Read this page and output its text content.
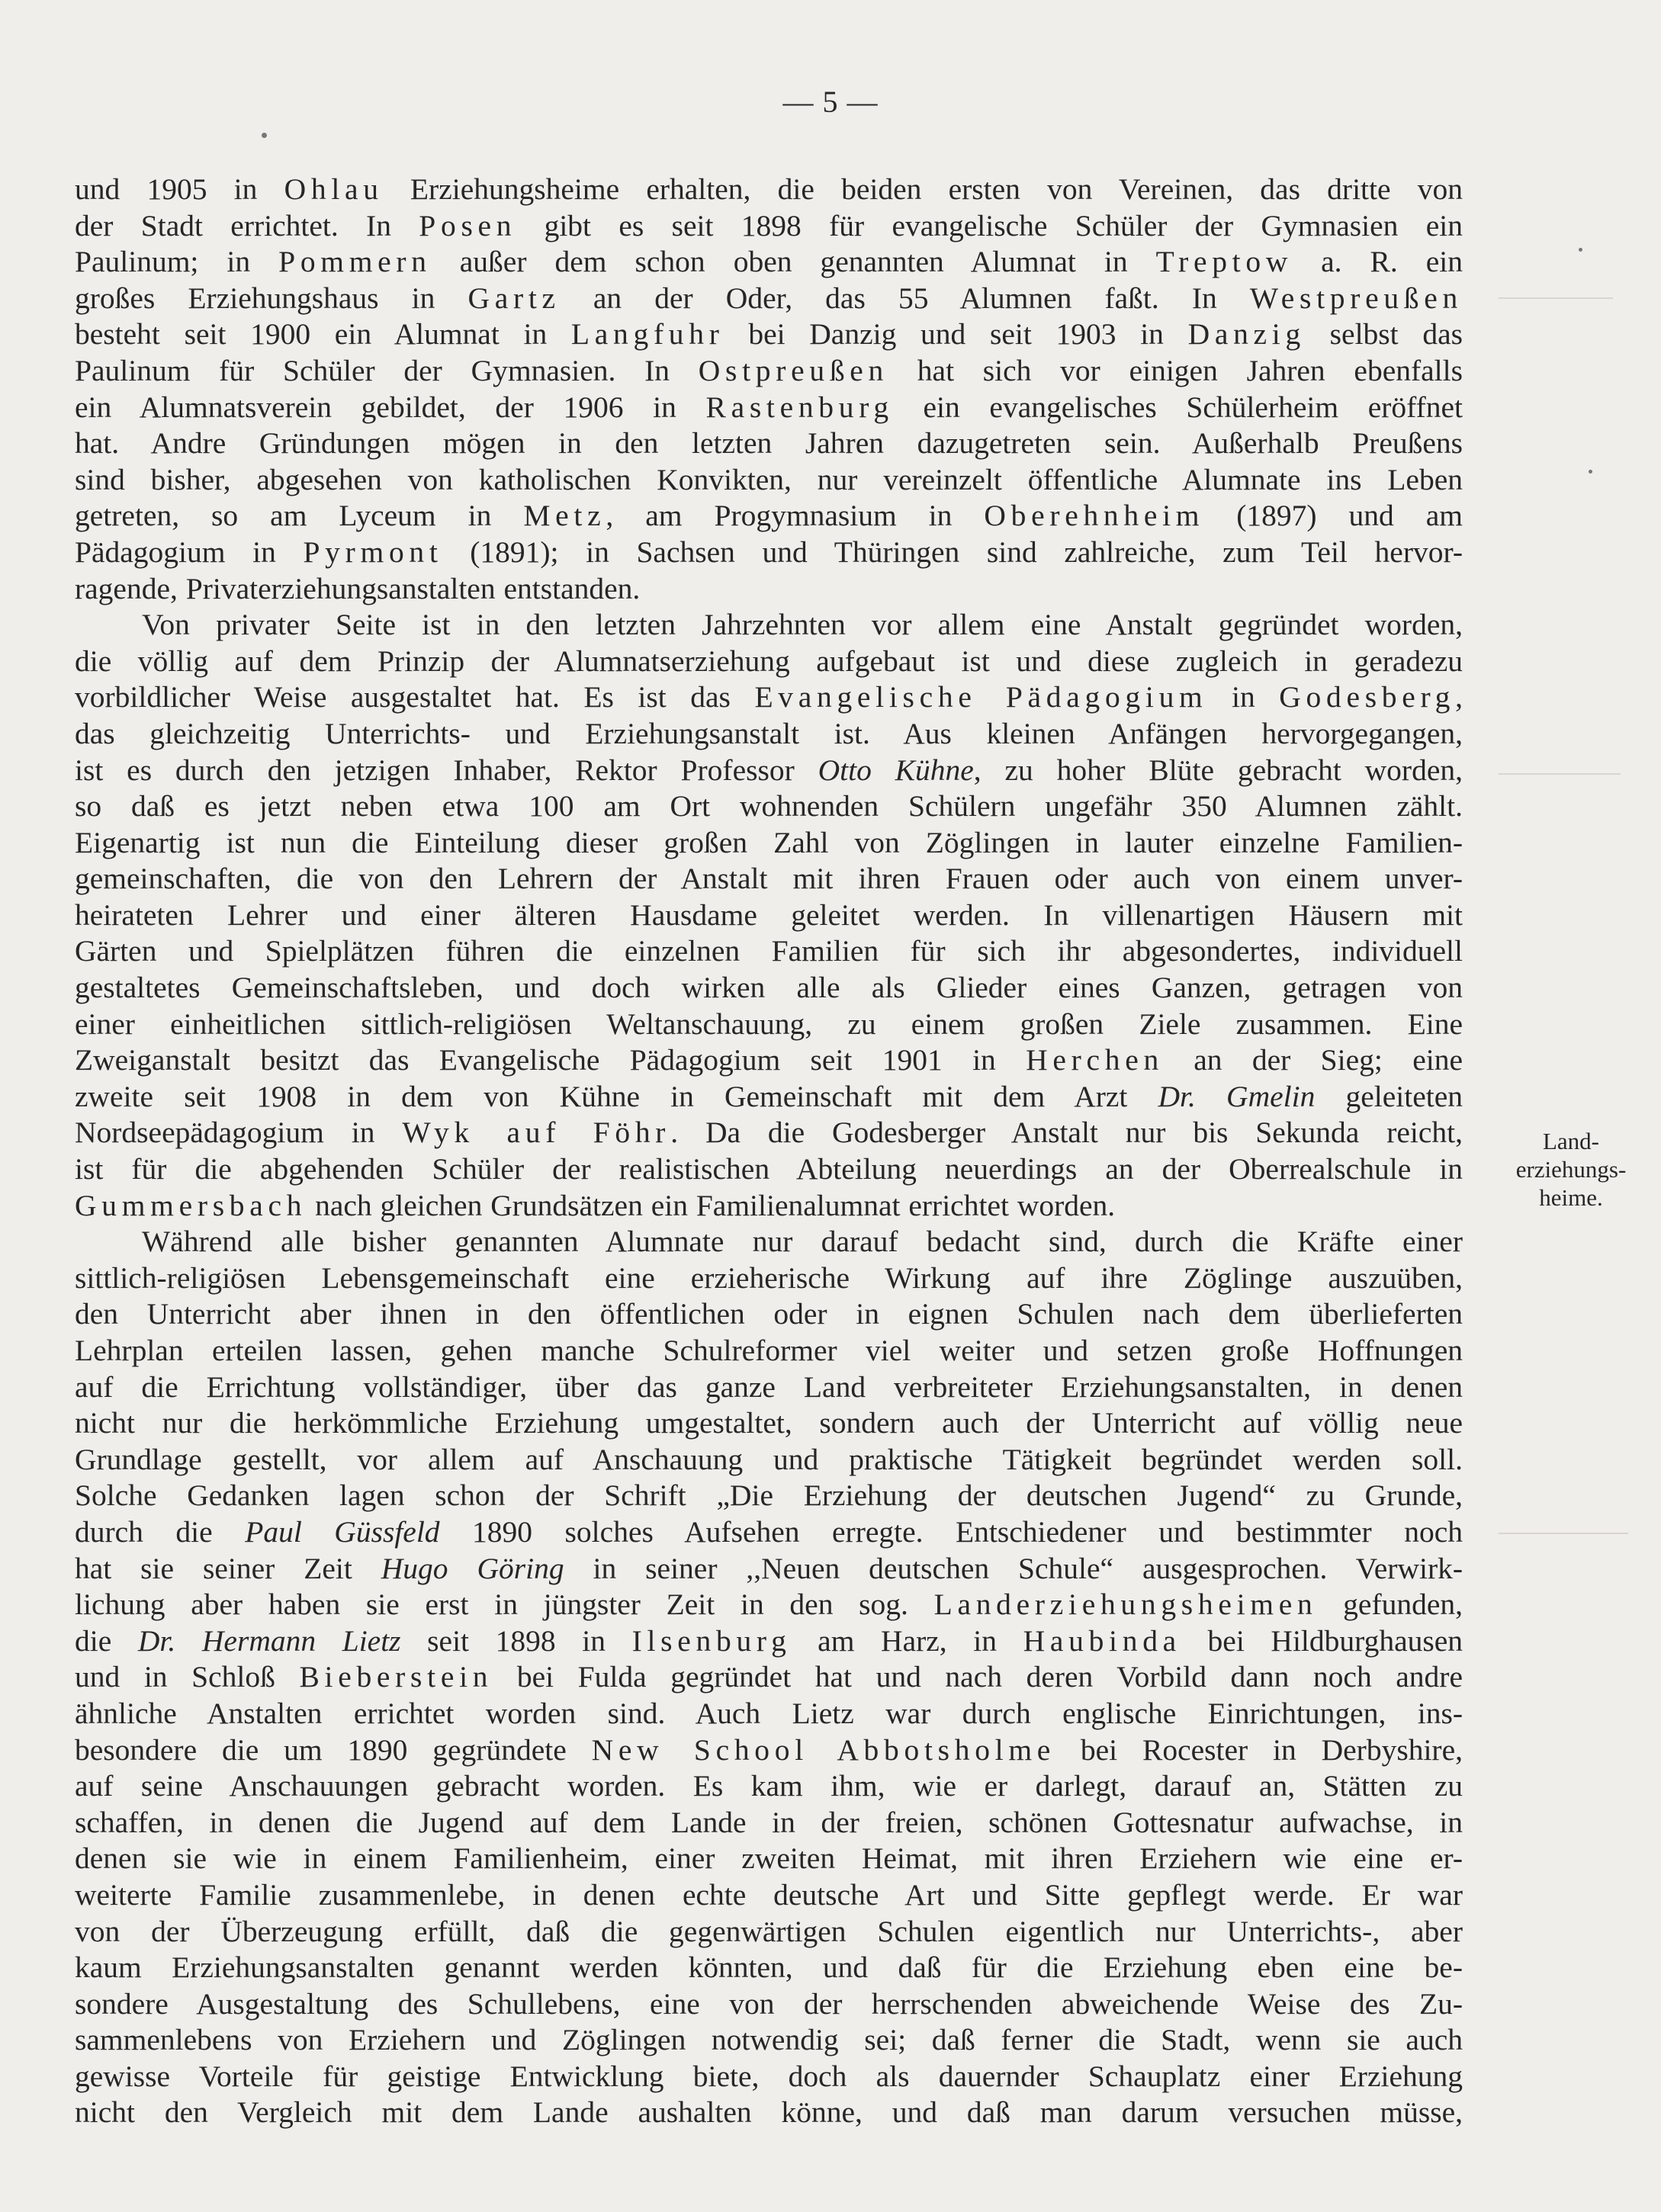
— 5 —

und 1905 in Ohlau Erziehungsheime erhalten, die beiden ersten von Vereinen, das dritte von

der Stadt errichtet. In Posen gibt es seit 1898 für evangelische Schüler der Gymnasien ein

Paulinum; in Pommern außer dem schon oben genannten Alumnat in Treptow a. R. ein

großes Erziehungshaus in Gartz an der Oder, das 55 Alumnen faßt. In Westpreußen

besteht seit 1900 ein Alumnat in Langfuhr bei Danzig und seit 1903 in Danzig selbst das

Paulinum für Schüler der Gymnasien. In Ostpreußen hat sich vor einigen Jahren ebenfalls

ein Alumnatsverein gebildet, der 1906 in Rastenburg ein evangelisches Schülerheim eröffnet

hat. Andre Gründungen mögen in den letzten Jahren dazugetreten sein. Außerhalb Preußens

sind bisher, abgesehen von katholischen Konvikten, nur vereinzelt öffentliche Alumnate ins Leben

getreten, so am Lyceum in Metz, am Progymnasium in Oberehnheim (1897) und am

Pädagogium in Pyrmont (1891); in Sachsen und Thüringen sind zahlreiche, zum Teil hervor-

ragende, Privaterziehungsanstalten entstanden.

Von privater Seite ist in den letzten Jahrzehnten vor allem eine Anstalt gegründet worden,

die völlig auf dem Prinzip der Alumnatserziehung aufgebaut ist und diese zugleich in geradezu

vorbildlicher Weise ausgestaltet hat. Es ist das Evangelische Pädagogium in Godesberg,

das gleichzeitig Unterrichts- und Erziehungsanstalt ist. Aus kleinen Anfängen hervorgegangen,

ist es durch den jetzigen Inhaber, Rektor Professor Otto Kühne, zu hoher Blüte gebracht worden,

so daß es jetzt neben etwa 100 am Ort wohnenden Schülern ungefähr 350 Alumnen zählt.

Eigenartig ist nun die Einteilung dieser großen Zahl von Zöglingen in lauter einzelne Familien-

gemeinschaften, die von den Lehrern der Anstalt mit ihren Frauen oder auch von einem unver-

heirateten Lehrer und einer älteren Hausdame geleitet werden. In villenartigen Häusern mit

Gärten und Spielplätzen führen die einzelnen Familien für sich ihr abgesondertes, individuell

gestaltetes Gemeinschaftsleben, und doch wirken alle als Glieder eines Ganzen, getragen von

einer einheitlichen sittlich-religiösen Weltanschauung, zu einem großen Ziele zusammen. Eine

Zweiganstalt besitzt das Evangelische Pädagogium seit 1901 in Herchen an der Sieg; eine

zweite seit 1908 in dem von Kühne in Gemeinschaft mit dem Arzt Dr. Gmelin geleiteten

Nordseepädagogium in Wyk auf Föhr. Da die Godesberger Anstalt nur bis Sekunda reicht,

ist für die abgehenden Schüler der realistischen Abteilung neuerdings an der Oberrealschule in

Gummersbach nach gleichen Grundsätzen ein Familienalumnat errichtet worden.

Während alle bisher genannten Alumnate nur darauf bedacht sind, durch die Kräfte einer

sittlich-religiösen Lebensgemeinschaft eine erzieherische Wirkung auf ihre Zöglinge auszuüben,

den Unterricht aber ihnen in den öffentlichen oder in eignen Schulen nach dem überlieferten

Lehrplan erteilen lassen, gehen manche Schulreformer viel weiter und setzen große Hoffnungen

auf die Errichtung vollständiger, über das ganze Land verbreiteter Erziehungsanstalten, in denen

nicht nur die herkömmliche Erziehung umgestaltet, sondern auch der Unterricht auf völlig neue

Grundlage gestellt, vor allem auf Anschauung und praktische Tätigkeit begründet werden soll.

Solche Gedanken lagen schon der Schrift „Die Erziehung der deutschen Jugend“ zu Grunde,

durch die Paul Güssfeld 1890 solches Aufsehen erregte. Entschiedener und bestimmter noch

hat sie seiner Zeit Hugo Göring in seiner ,,Neuen deutschen Schule“ ausgesprochen. Verwirk-

lichung aber haben sie erst in jüngster Zeit in den sog. Landerziehungsheimen gefunden,

die Dr. Hermann Lietz seit 1898 in Ilsenburg am Harz, in Haubinda bei Hildburghausen

und in Schloß Bieberstein bei Fulda gegründet hat und nach deren Vorbild dann noch andre

ähnliche Anstalten errichtet worden sind. Auch Lietz war durch englische Einrichtungen, ins-

besondere die um 1890 gegründete New School Abbotsholme bei Rocester in Derbyshire,

auf seine Anschauungen gebracht worden. Es kam ihm, wie er darlegt, darauf an, Stätten zu

schaffen, in denen die Jugend auf dem Lande in der freien, schönen Gottesnatur aufwachse, in

denen sie wie in einem Familienheim, einer zweiten Heimat, mit ihren Erziehern wie eine er-

weiterte Familie zusammenlebe, in denen echte deutsche Art und Sitte gepflegt werde. Er war

von der Überzeugung erfüllt, daß die gegenwärtigen Schulen eigentlich nur Unterrichts-, aber

kaum Erziehungsanstalten genannt werden könnten, und daß für die Erziehung eben eine be-

sondere Ausgestaltung des Schullebens, eine von der herrschenden abweichende Weise des Zu-

sammenlebens von Erziehern und Zöglingen notwendig sei; daß ferner die Stadt, wenn sie auch

gewisse Vorteile für geistige Entwicklung biete, doch als dauernder Schauplatz einer Erziehung

nicht den Vergleich mit dem Lande aushalten könne, und daß man darum versuchen müsse,

Land-
erziehungs-
heime.
